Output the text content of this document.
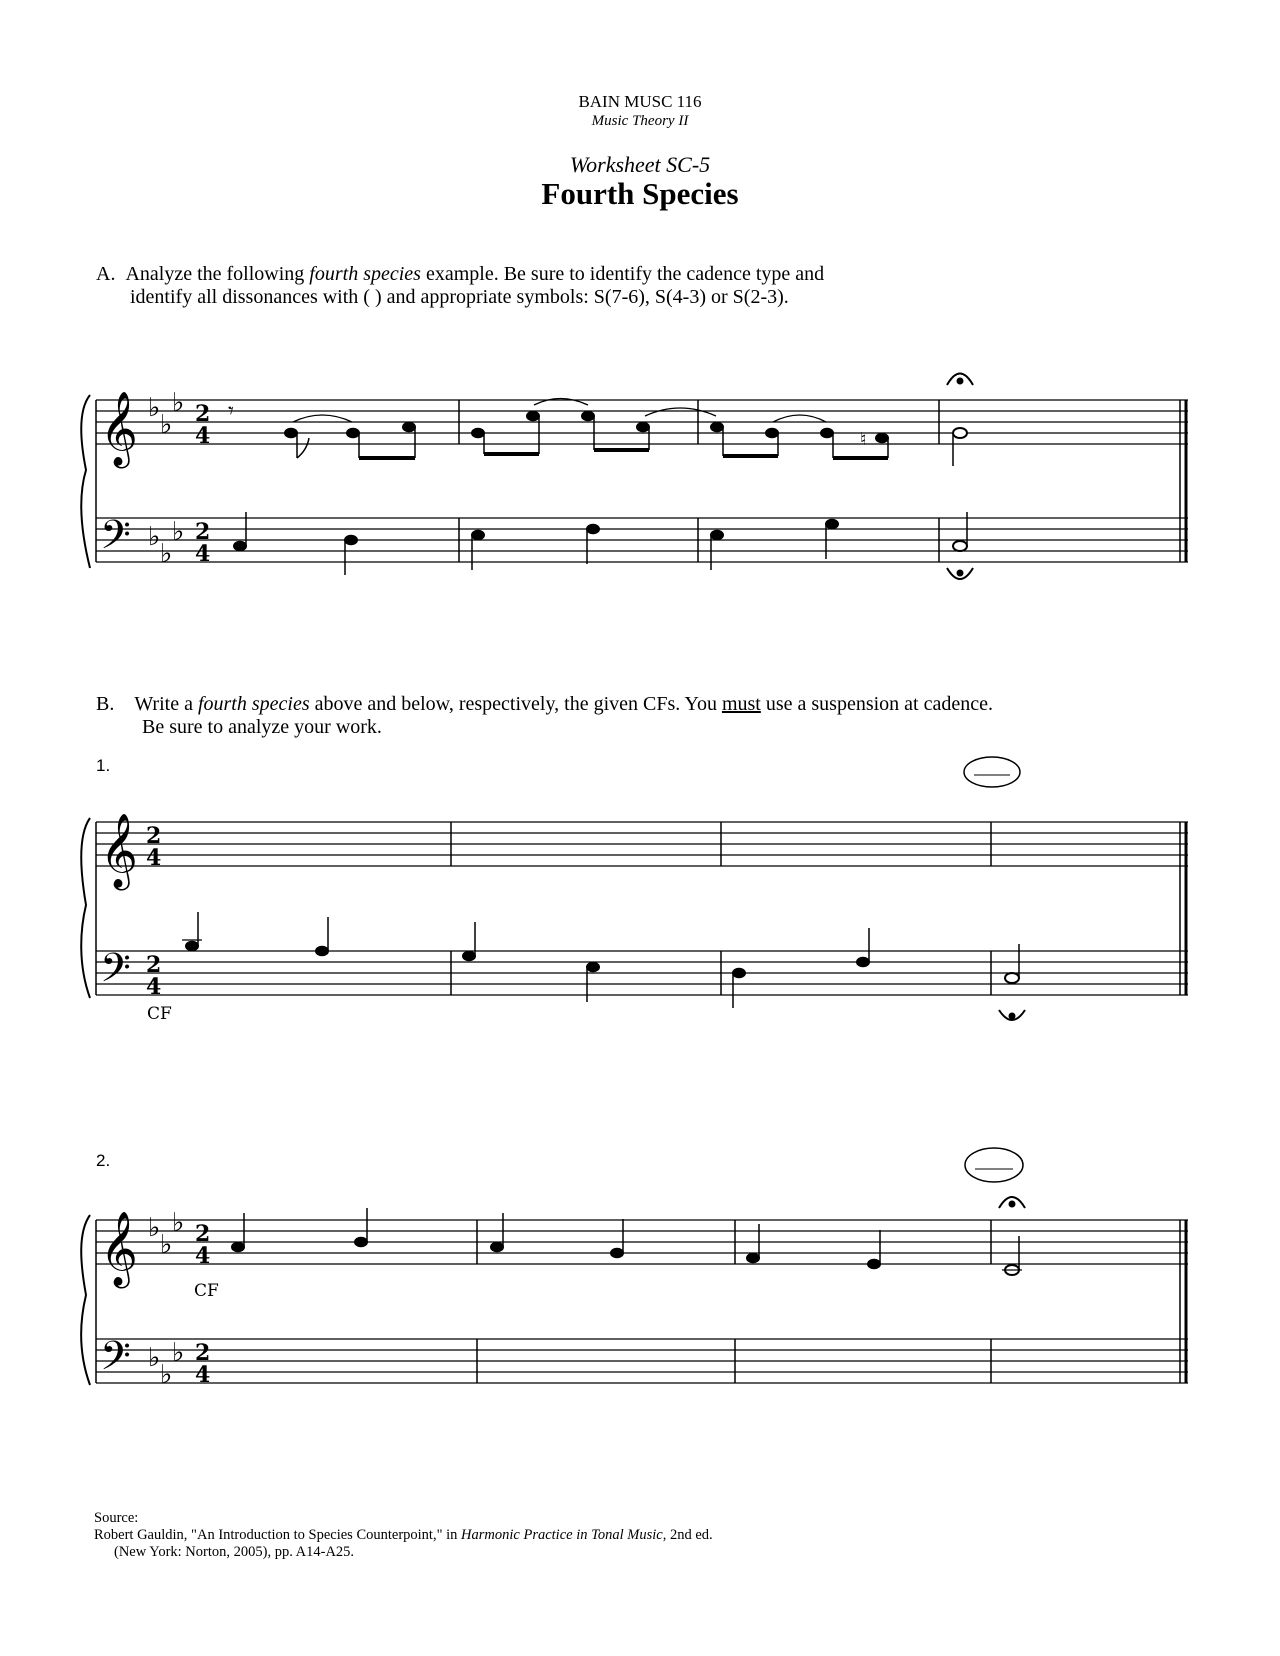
BAIN MUSC 116
Music Theory II
Worksheet SC-5
Fourth Species
A. Analyze the following fourth species example. Be sure to identify the cadence type and
identify all dissonances with ( ) and appropriate symbols: S(7-6), S(4-3) or S(2-3).
𝄞
𝄢
♭
♭
♭
♭
♭
♭
2
4
2
4
𝄾
♮
B. Write a fourth species above and below, respectively, the given CFs. You must use a suspension at cadence.
Be sure to analyze your work.
1.
𝄞
𝄢
2
4
2
4
CF
2.
𝄞
𝄢
♭
♭
♭
♭
♭
♭
2
4
2
4
CF
Source:
Robert Gauldin, "An Introduction to Species Counterpoint," in Harmonic Practice in Tonal Music, 2nd ed.
(New York: Norton, 2005), pp. A14-A25.
